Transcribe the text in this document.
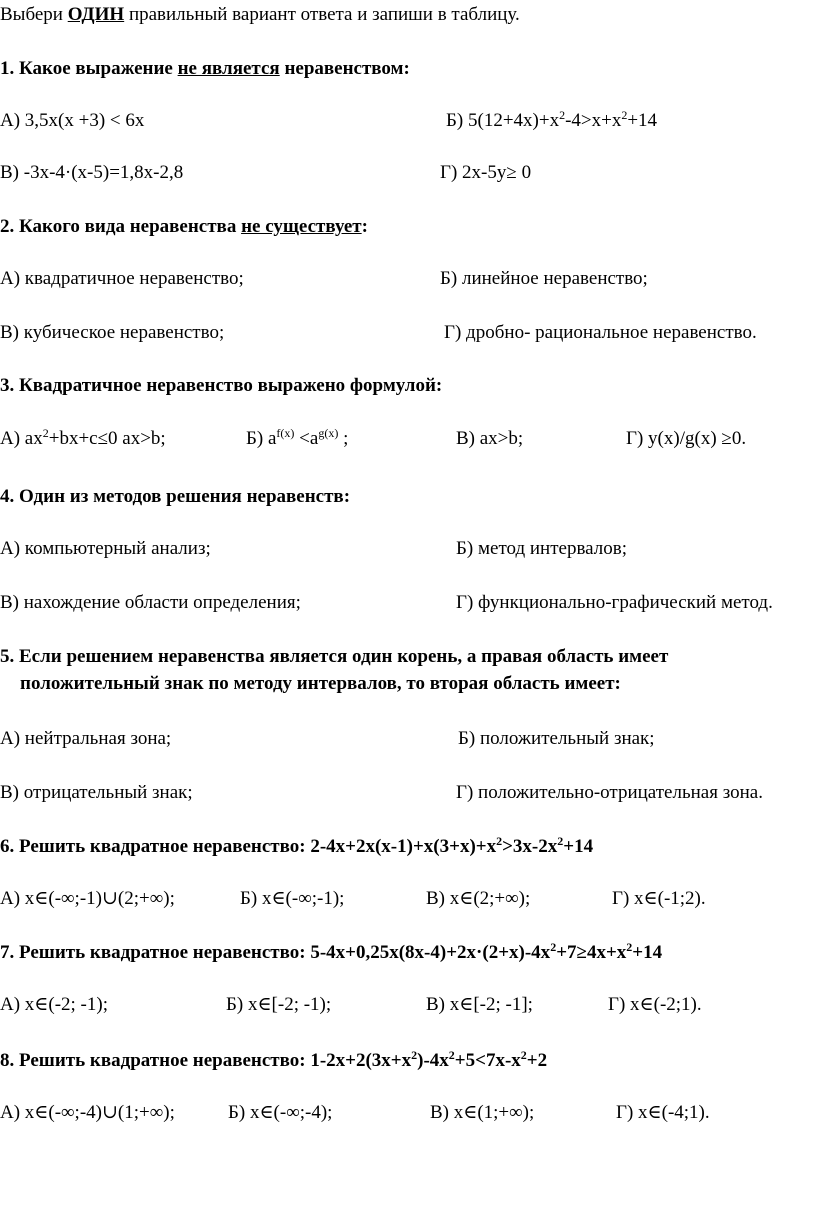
Выбери ОДИН правильный вариант ответа и запиши в таблицу.
1. Какое выражение не является неравенством:
А) 3,5х(х +3) < 6х	Б) $5(12+4х)+х^2-4>х+х^2+14$
В) -3х-4·(х-5)=1,8х-2,8	Г) 2х-5у≥ 0
2. Какого вида неравенства не существует:
А) квадратичное неравенство;	Б) линейное неравенство;
В) кубическое неравенство;	Г) дробно- рациональное неравенство.
3. Квадратичное неравенство выражено формулой:
А) $ах^2+bх+с\le 0$ ах>b;	Б) $а^{f(x)} <a^{g(x)}$ ;	В) ах>b;	Г) у(х)/g(x) ≥0.
4. Один из методов решения неравенств:
А) компьютерный анализ;	Б) метод интервалов;
В) нахождение области определения;	Г) функционально-графический метод.
5. Если решением неравенства является один корень, а правая область имеет
положительный знак по методу интервалов, то вторая область имеет:
А) нейтральная зона;	Б) положительный знак;
В) отрицательный знак;	Г) положительно-отрицательная зона.
6. Решить квадратное неравенство: $2-4х+2х(х-1)+х(3+х)+х^2>3х-2х^2+14$
А) х∈(-∞;-1)∪(2;+∞);	Б) х∈(-∞;-1);	В) х∈(2;+∞);	Г) х∈(-1;2).
7. Решить квадратное неравенство: $5-4х+0,25х(8х-4)+2х\cdot(2+х)-4х^2+7\ge 4х+х^2+14$
А) х∈(-2; -1);	Б) х∈[-2; -1);	В) х∈[-2; -1];	Г) х∈(-2;1).
8. Решить квадратное неравенство: $1-2х+2(3х+х^2)-4х^2+5<7х-х^2+2$
А) х∈(-∞;-4)∪(1;+∞);	Б) х∈(-∞;-4);	В) х∈(1;+∞);	Г) х∈(-4;1).
